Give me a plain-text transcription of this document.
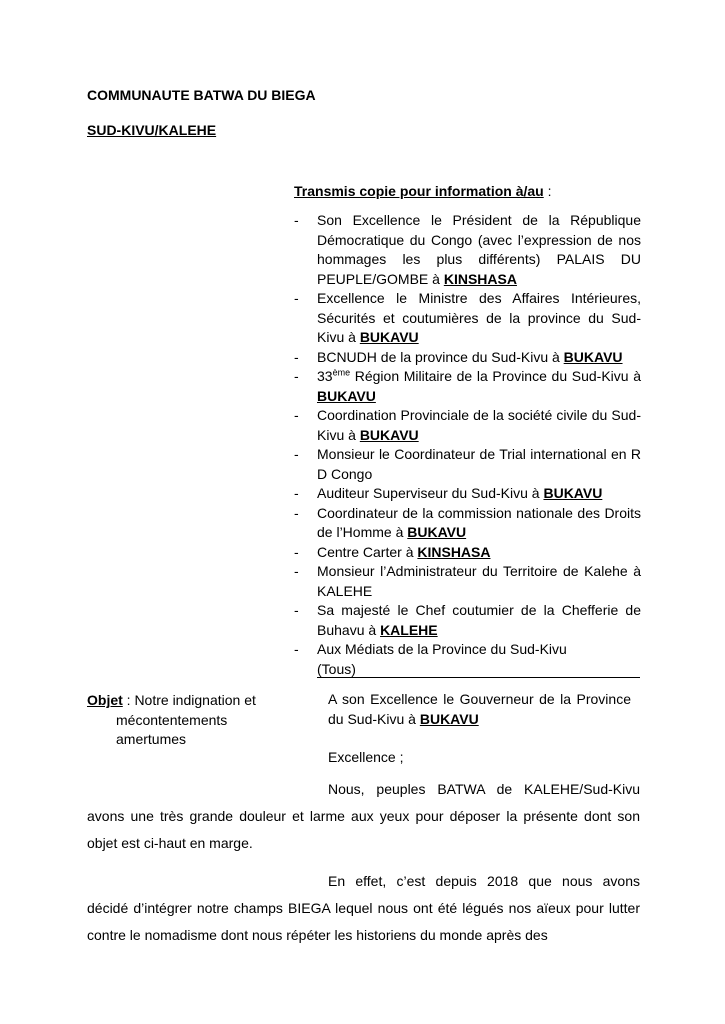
COMMUNAUTE BATWA DU BIEGA
SUD-KIVU/KALEHE
Transmis copie pour information à/au :
- Son Excellence le Président de la République Démocratique du Congo (avec l’expression de nos hommages les plus différents) PALAIS DU PEUPLE/GOMBE à KINSHASA
- Excellence le Ministre des Affaires Intérieures, Sécurités et coutumières de la province du Sud-Kivu à BUKAVU
- BCNUDH de la province du Sud-Kivu à BUKAVU
- 33ème Région Militaire de la Province du Sud-Kivu à BUKAVU
- Coordination Provinciale de la société civile du Sud-Kivu à BUKAVU
- Monsieur le Coordinateur de Trial international en R D Congo
- Auditeur Superviseur du Sud-Kivu à BUKAVU
- Coordinateur de la commission nationale des Droits de l’Homme à BUKAVU
- Centre Carter à KINSHASA
- Monsieur l’Administrateur du Territoire de Kalehe à KALEHE
- Sa majesté le Chef coutumier de la Chefferie de Buhavu à KALEHE
- Aux Médiats de la Province du Sud-Kivu
(Tous)
Objet : Notre indignation et
mécontentements amertumes
A son Excellence le Gouverneur de la Province du Sud-Kivu à BUKAVU
Excellence ;
Nous, peuples BATWA de KALEHE/Sud-Kivu avons une très grande douleur et larme aux yeux pour déposer la présente dont son objet est ci-haut en marge.
En effet, c’est depuis 2018 que nous avons décidé d’intégrer notre champs BIEGA lequel nous ont été légués nos aïeux pour lutter contre le nomadisme dont nous répéter les historiens du monde après des
